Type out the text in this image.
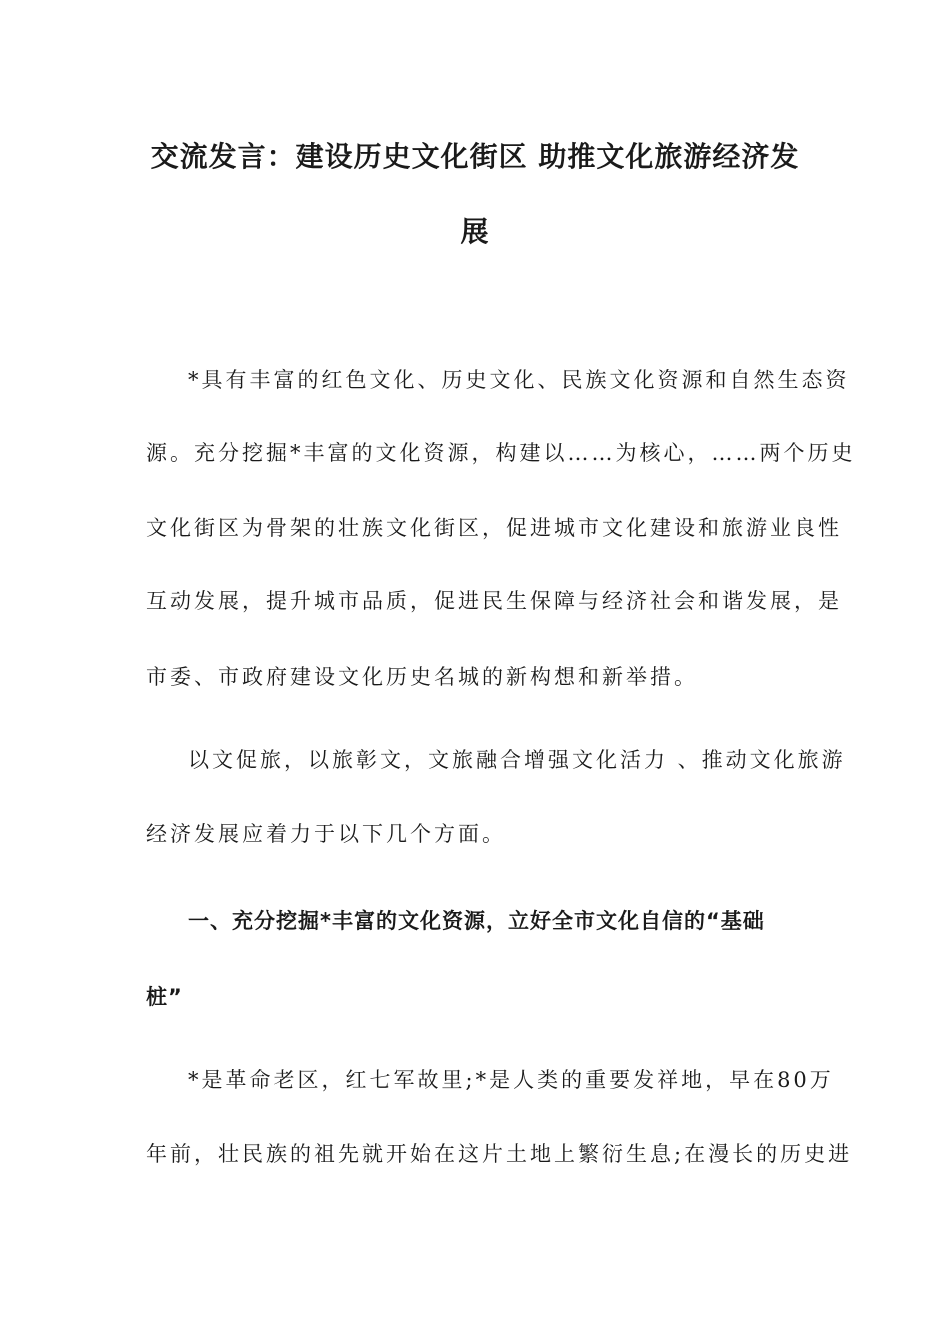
交流发言：建设历史文化街区 助推文化旅游经济发
展
*具有丰富的红色文化、历史文化、民族文化资源和自然生态资
源。充分挖掘*丰富的文化资源，构建以……为核心，……两个历史
文化街区为骨架的壮族文化街区，促进城市文化建设和旅游业良性
互动发展，提升城市品质，促进民生保障与经济社会和谐发展，是
市委、市政府建设文化历史名城的新构想和新举措。
以文促旅，以旅彰文，文旅融合增强文化活力 、推动文化旅游
经济发展应着力于以下几个方面。
一、充分挖掘*丰富的文化资源，立好全市文化自信的“基础
桩”
*是革命老区，红七军故里;*是人类的重要发祥地，早在80万
年前，壮民族的祖先就开始在这片土地上繁衍生息;在漫长的历史进
